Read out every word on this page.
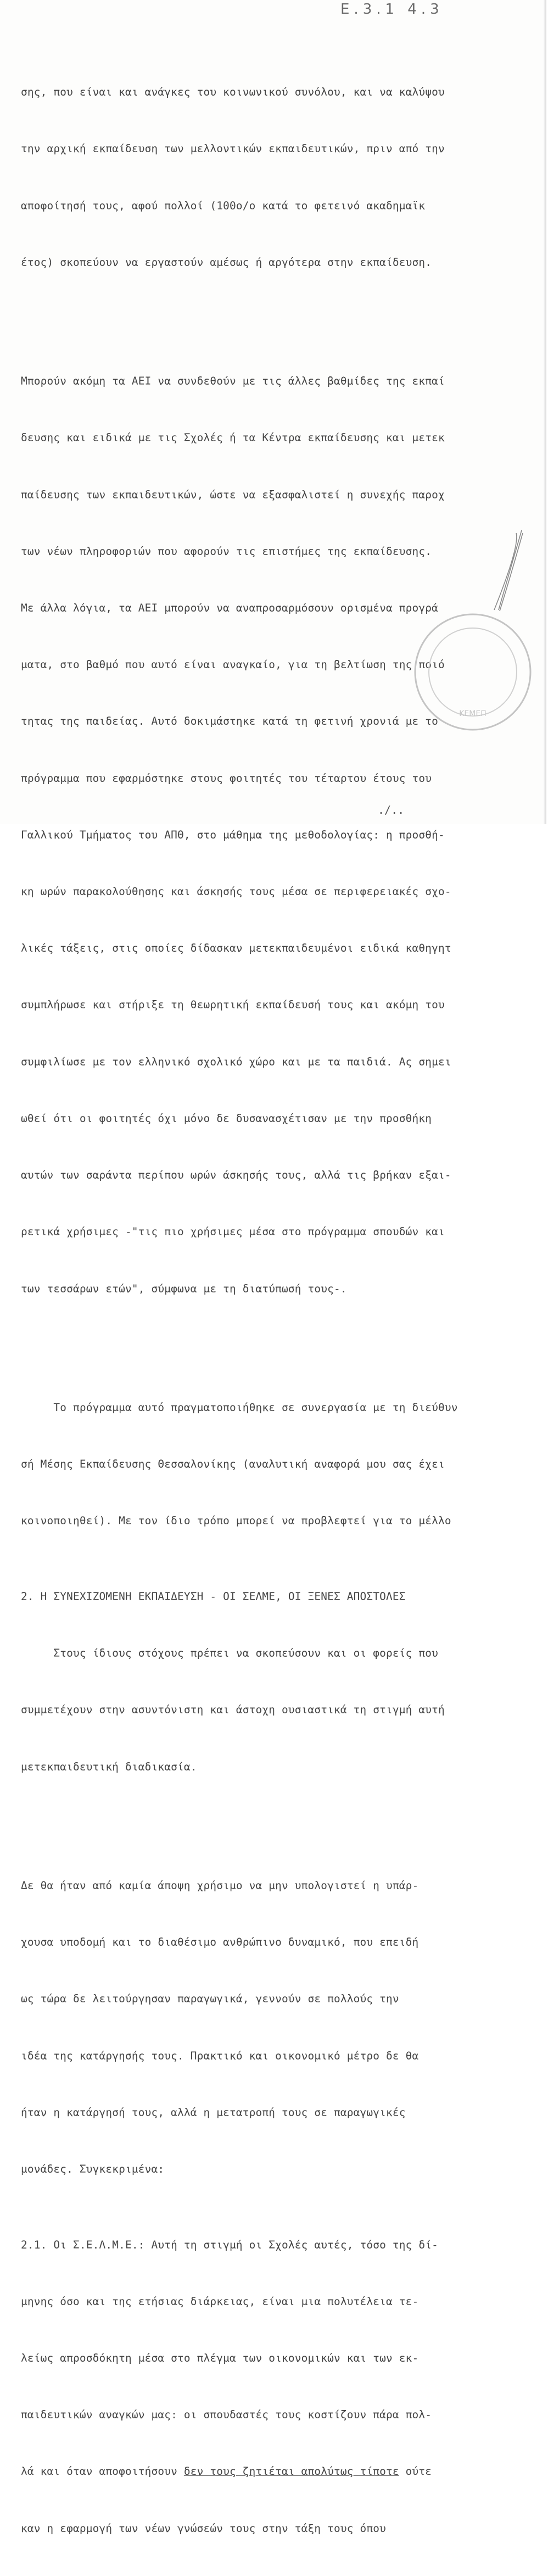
Ε.3.1 4.3

σης, που είναι και ανάγκες του κοινωνικού συνόλου, και να καλύψου

την αρχική εκπαίδευση των μελλοντικών εκπαιδευτικών, πριν από την

αποφοίτησή τους, αφού πολλοί (100ο/ο κατά το φετεινό ακαδημαϊκ

έτος) σκοπεύουν να εργαστούν αμέσως ή αργότερα στην εκπαίδευση.

Μπορούν ακόμη τα ΑΕΙ να συνδεθούν με τις άλλες βαθμίδες της εκπαί

δευσης και ειδικά με τις Σχολές ή τα Κέντρα εκπαίδευσης και μετεκ

παίδευσης των εκπαιδευτικών, ώστε να εξασφαλιστεί η συνεχής παροχ

των νέων πληροφοριών που αφορούν τις επιστήμες της εκπαίδευσης.

Με άλλα λόγια, τα ΑΕΙ μπορούν να αναπροσαρμόσουν ορισμένα προγρά

ματα, στο βαθμό που αυτό είναι αναγκαίο, για τη βελτίωση της ποιό

τητας της παιδείας. Αυτό δοκιμάστηκε κατά τη φετινή χρονιά με το

πρόγραμμα που εφαρμόστηκε στους φοιτητές του τέταρτου έτους του

Γαλλικού Τμήματος του ΑΠΘ, στο μάθημα της μεθοδολογίας: η προσθή-

κη ωρών παρακολούθησης και άσκησής τους μέσα σε περιφερειακές σχο-

λικές τάξεις, στις οποίες δίδασκαν μετεκπαιδευμένοι ειδικά καθηγητ

συμπλήρωσε και στήριξε τη θεωρητική εκπαίδευσή τους και ακόμη του

συμφιλίωσε με τον ελληνικό σχολικό χώρο και με τα παιδιά. Ας σημει

ωθεί ότι οι φοιτητές όχι μόνο δε δυσανασχέτισαν με την προσθήκη

αυτών των σαράντα περίπου ωρών άσκησής τους, αλλά τις βρήκαν εξαι-

ρετικά χρήσιμες -"τις πιο χρήσιμες μέσα στο πρόγραμμα σπουδών και

των τεσσάρων ετών", σύμφωνα με τη διατύπωσή τους-.

Το πρόγραμμα αυτό πραγματοποιήθηκε σε συνεργασία με τη διεύθυν

σή Μέσης Εκπαίδευσης Θεσσαλονίκης (αναλυτική αναφορά μου σας έχει

κοινοποιηθεί). Με τον ίδιο τρόπο μπορεί να προβλεφτεί για το μέλλο

2. Η ΣΥΝΕΧΙΖΟΜΕΝΗ ΕΚΠΑΙΔΕΥΣΗ - ΟΙ ΣΕΛΜΕ, ΟΙ ΞΕΝΕΣ ΑΠΟΣΤΟΛΕΣ

Στους ίδιους στόχους πρέπει να σκοπεύσουν και οι φορείς που

συμμετέχουν στην ασυντόνιστη και άστοχη ουσιαστικά τη στιγμή αυτή

μετεκπαιδευτική διαδικασία.

Δε θα ήταν από καμία άποψη χρήσιμο να μην υπολογιστεί η υπάρ-

χουσα υποδομή και το διαθέσιμο ανθρώπινο δυναμικό, που επειδή

ως τώρα δε λειτούργησαν παραγωγικά, γεννούν σε πολλούς την

ιδέα της κατάργησής τους. Πρακτικό και οικονομικό μέτρο δε θα

ήταν η κατάργησή τους, αλλά η μετατροπή τους σε παραγωγικές

μονάδες. Συγκεκριμένα:

2.1. Οι Σ.Ε.Λ.Μ.Ε.: Αυτή τη στιγμή οι Σχολές αυτές, τόσο της δί-

μηνης όσο και της ετήσιας διάρκειας, είναι μια πολυτέλεια τε-

λείως απροσδόκητη μέσα στο πλέγμα των οικονομικών και των εκ-

παιδευτικών αναγκών μας: οι σπουδαστές τους κοστίζουν πάρα πολ-

λά και όταν αποφοιτήσουν δεν τους ζητιέται απολύτως τίποτε ούτε

καν η εφαρμογή των νέων γνώσεών τους στην τάξη τους όπου

ΚΕΜΕΠ
./..
